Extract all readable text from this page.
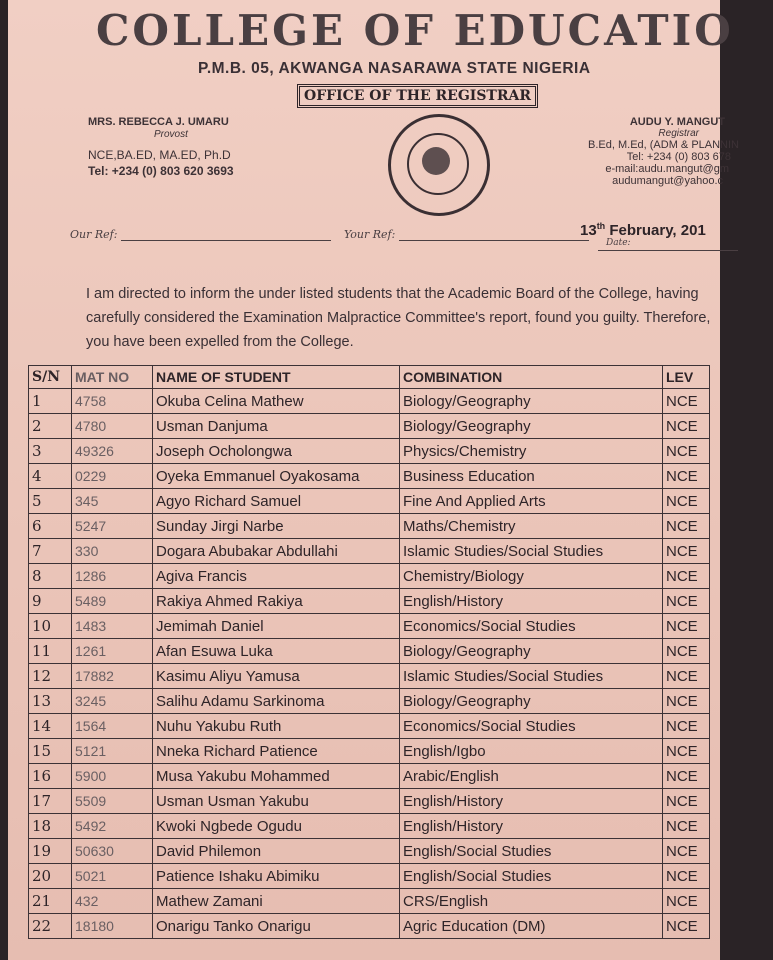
COLLEGE OF EDUCATIO
P.M.B. 05, AKWANGA NASARAWA STATE NIGERIA
OFFICE OF THE REGISTRAR
MRS. REBECCA J. UMARU
Provost
NCE,BA.ED, MA.ED, Ph.D
Tel: +234 (0) 803 620 3693
AUDU Y. MANGUT
Registrar
B.Ed, M.Ed, (ADM & PLANNIN
Tel: +234 (0) 803 678
e-mail:audu.mangut@gm
audumangut@yahoo.c
Our Ref:	Your Ref:	13th February, 201
Date:
I am directed to inform the under listed students that the Academic Board of the College, having carefully considered the Examination Malpractice Committee's report, found you guilty. Therefore, you have been expelled from the College.
S/N	MAT NO	NAME OF STUDENT	COMBINATION	LEV
1	4758	Okuba Celina Mathew	Biology/Geography	NCE
2	4780	Usman Danjuma	Biology/Geography	NCE
3	49326	Joseph Ocholongwa	Physics/Chemistry	NCE
4	0229	Oyeka Emmanuel Oyakosama	Business Education	NCE
5	345	Agyo Richard Samuel	Fine And Applied Arts	NCE
6	5247	Sunday Jirgi Narbe	Maths/Chemistry	NCE
7	330	Dogara Abubakar Abdullahi	Islamic Studies/Social Studies	NCE
8	1286	Agiva Francis	Chemistry/Biology	NCE
9	5489	Rakiya Ahmed Rakiya	English/History	NCE
10	1483	Jemimah Daniel	Economics/Social Studies	NCE
11	1261	Afan Esuwa Luka	Biology/Geography	NCE
12	17882	Kasimu Aliyu Yamusa	Islamic Studies/Social Studies	NCE
13	3245	Salihu Adamu Sarkinoma	Biology/Geography	NCE
14	1564	Nuhu Yakubu Ruth	Economics/Social Studies	NCE
15	5121	Nneka Richard Patience	English/Igbo	NCE
16	5900	Musa Yakubu Mohammed	Arabic/English	NCE
17	5509	Usman Usman Yakubu	English/History	NCE
18	5492	Kwoki Ngbede Ogudu	English/History	NCE
19	50630	David Philemon	English/Social Studies	NCE
20	5021	Patience Ishaku Abimiku	English/Social Studies	NCE
21	432	Mathew Zamani	CRS/English	NCE
22	18180	Onarigu Tanko Onarigu	Agric Education (DM)	NCE
